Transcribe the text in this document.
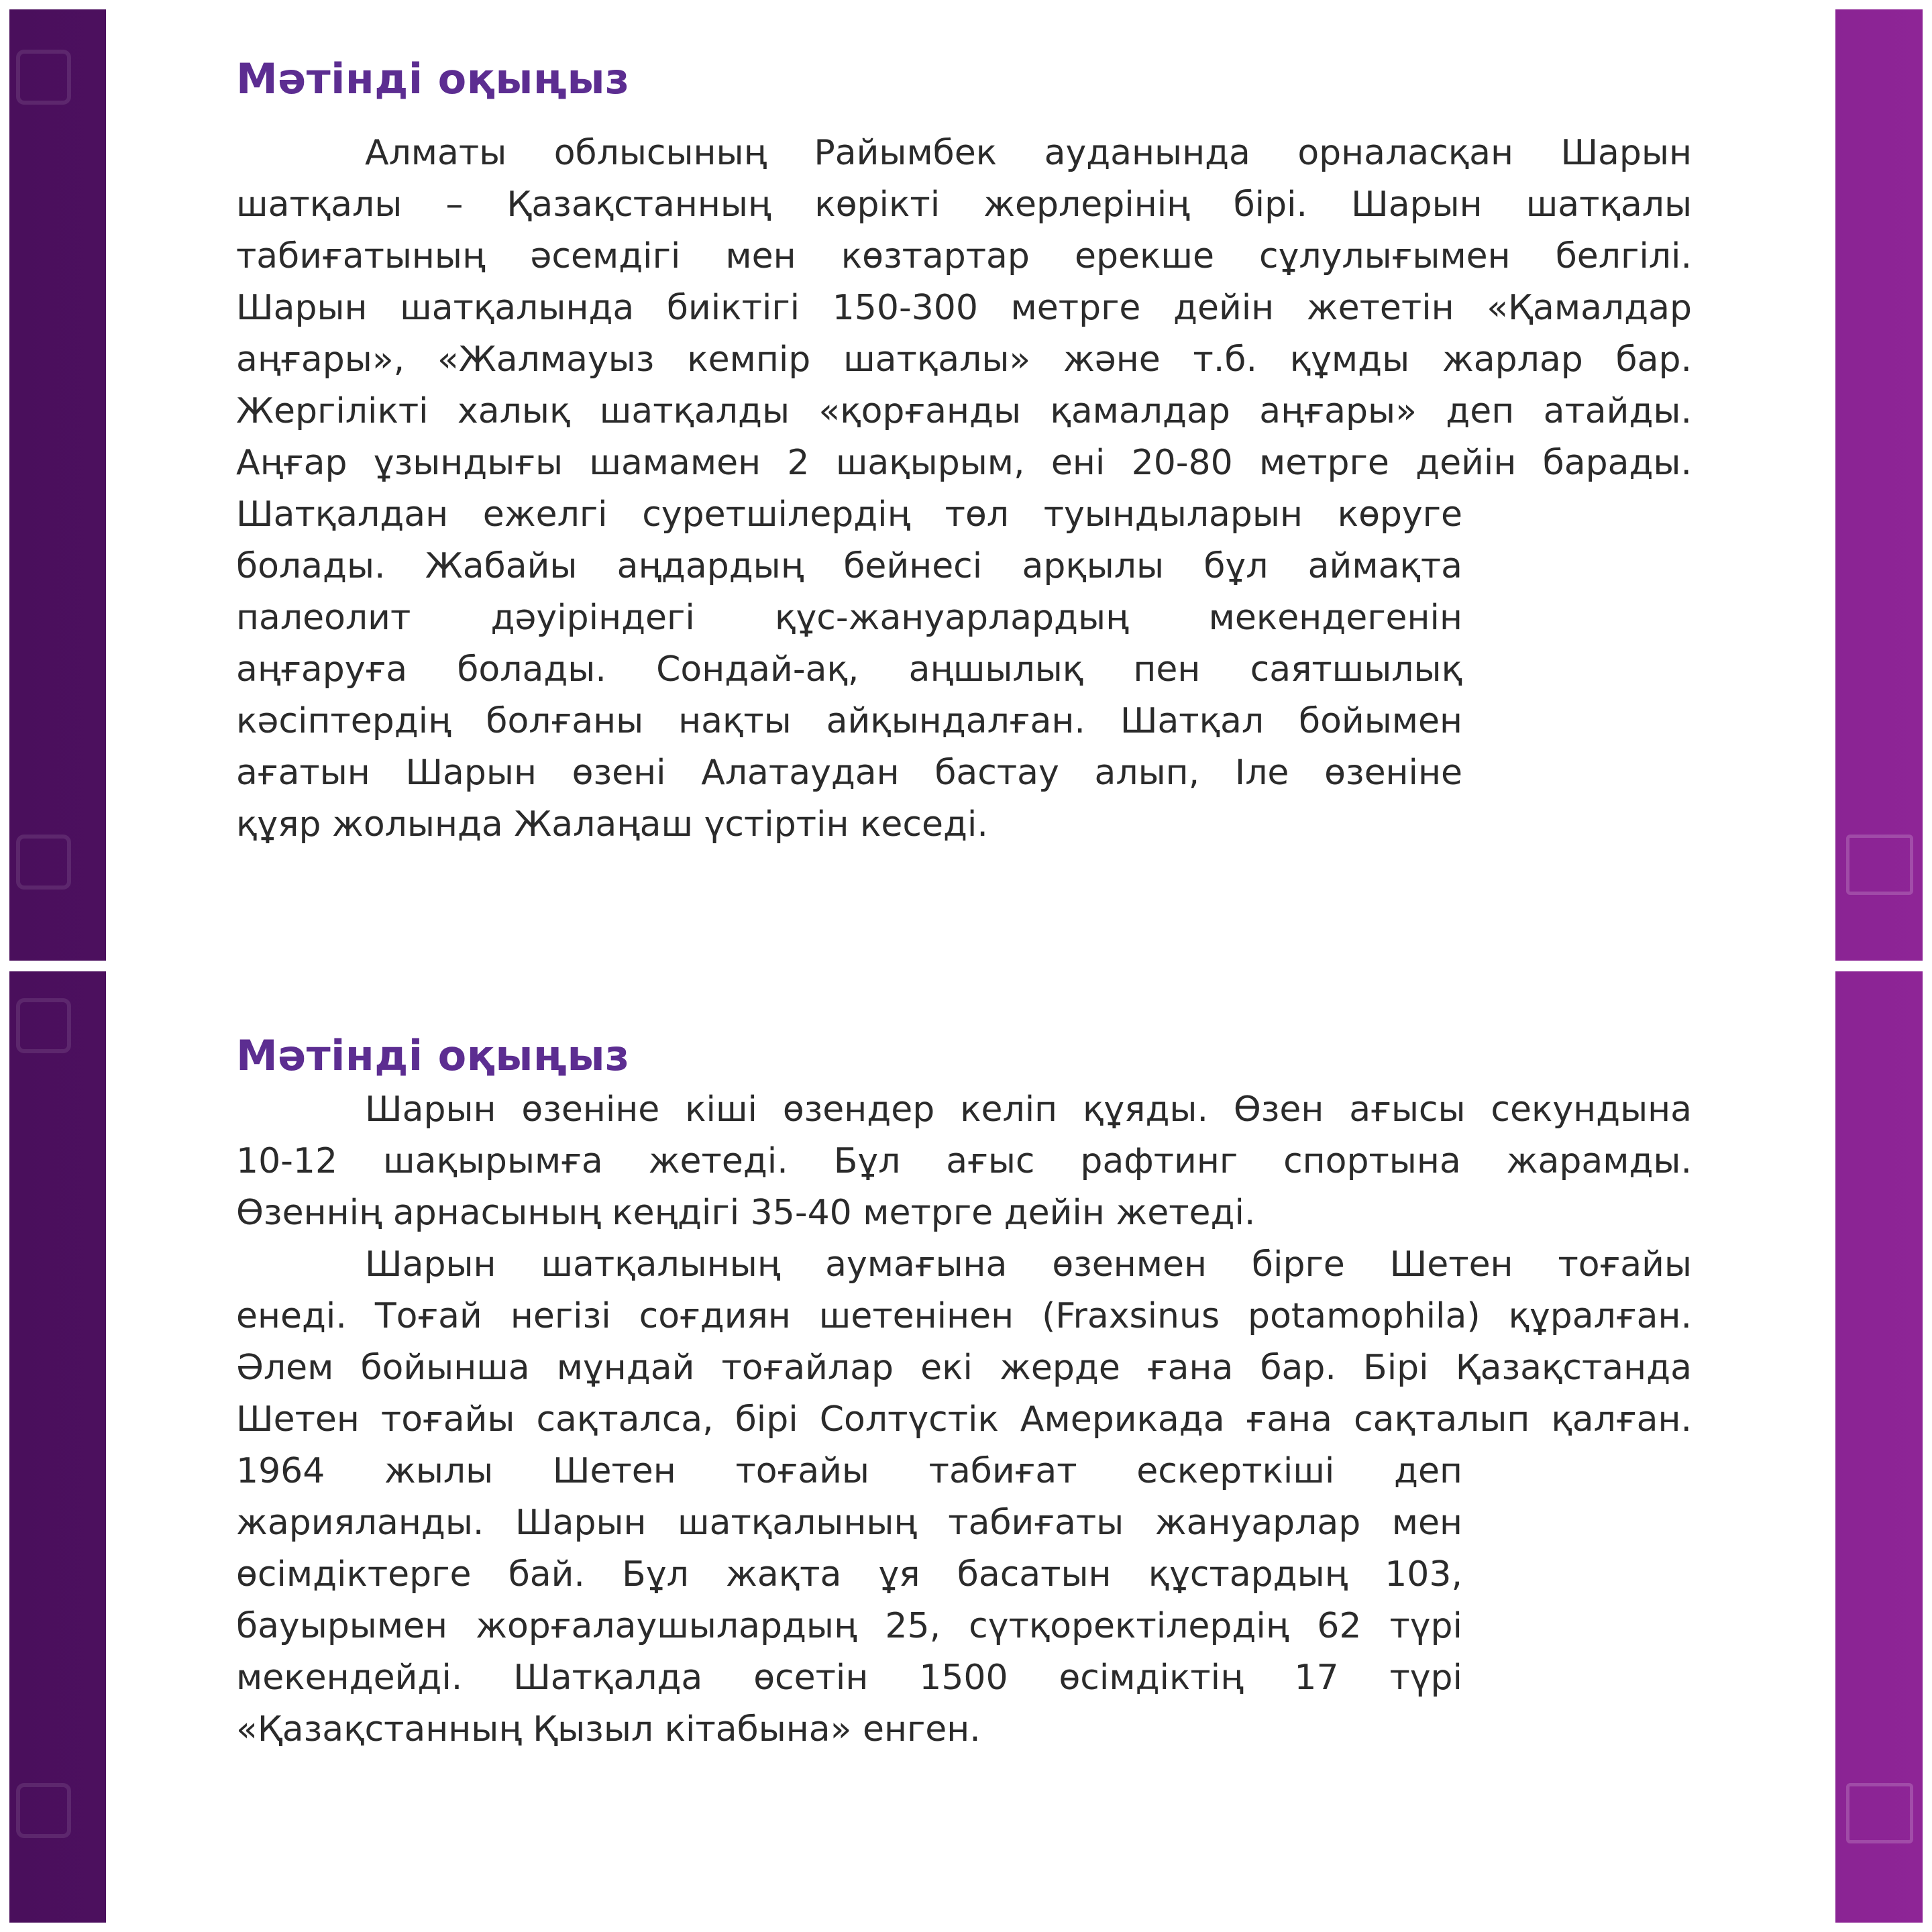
Мәтінді оқыңыз
Алматы облысының Райымбек ауданында орналасқан Шарын
шатқалы – Қазақстанның көрікті жерлерінің бірі. Шарын шатқалы
табиғатының әсемдігі мен көзтартар ерекше сұлулығымен белгілі.
Шарын шатқалында биіктігі 150-300 метрге дейін жететін «Қамалдар
аңғары», «Жалмауыз кемпір шатқалы» және т.б. құмды жарлар бар.
Жергілікті халық шатқалды «қорғанды қамалдар аңғары» деп атайды.
Аңғар ұзындығы шамамен 2 шақырым, ені 20-80 метрге дейін барады.
Шатқалдан ежелгі суретшілердің төл туындыларын көруге
болады. Жабайы аңдардың бейнесі арқылы бұл аймақта
палеолит дәуіріндегі құс-жануарлардың мекендегенін
аңғаруға болады. Сондай-ақ, аңшылық пен саятшылық
кәсіптердің болғаны нақты айқындалған. Шатқал бойымен
ағатын Шарын өзені Алатаудан бастау алып, Іле өзеніне
құяр жолында Жалаңаш үстіртін кеседі.
Мәтінді оқыңыз
Шарын өзеніне кіші өзендер келіп құяды. Өзен ағысы секундына
10-12 шақырымға жетеді. Бұл ағыс рафтинг спортына жарамды.
Өзеннің арнасының кеңдігі 35-40 метрге дейін жетеді.
Шарын шатқалының аумағына өзенмен бірге Шетен тоғайы
енеді. Тоғай негізі соғдиян шетенінен (Fraxsinus potamophila) құралған.
Әлем бойынша мұндай тоғайлар екі жерде ғана бар. Бірі Қазақстанда
Шетен тоғайы сақталса, бірі Солтүстік Америкада ғана сақталып қалған.
1964 жылы Шетен тоғайы табиғат ескерткіші деп
жарияланды. Шарын шатқалының табиғаты жануарлар мен
өсімдіктерге бай. Бұл жақта ұя басатын құстардың 103,
бауырымен жорғалаушылардың 25, сүтқоректілердің 62 түрі
мекендейді. Шатқалда өсетін 1500 өсімдіктің 17 түрі
«Қазақстанның Қызыл кітабына» енген.
